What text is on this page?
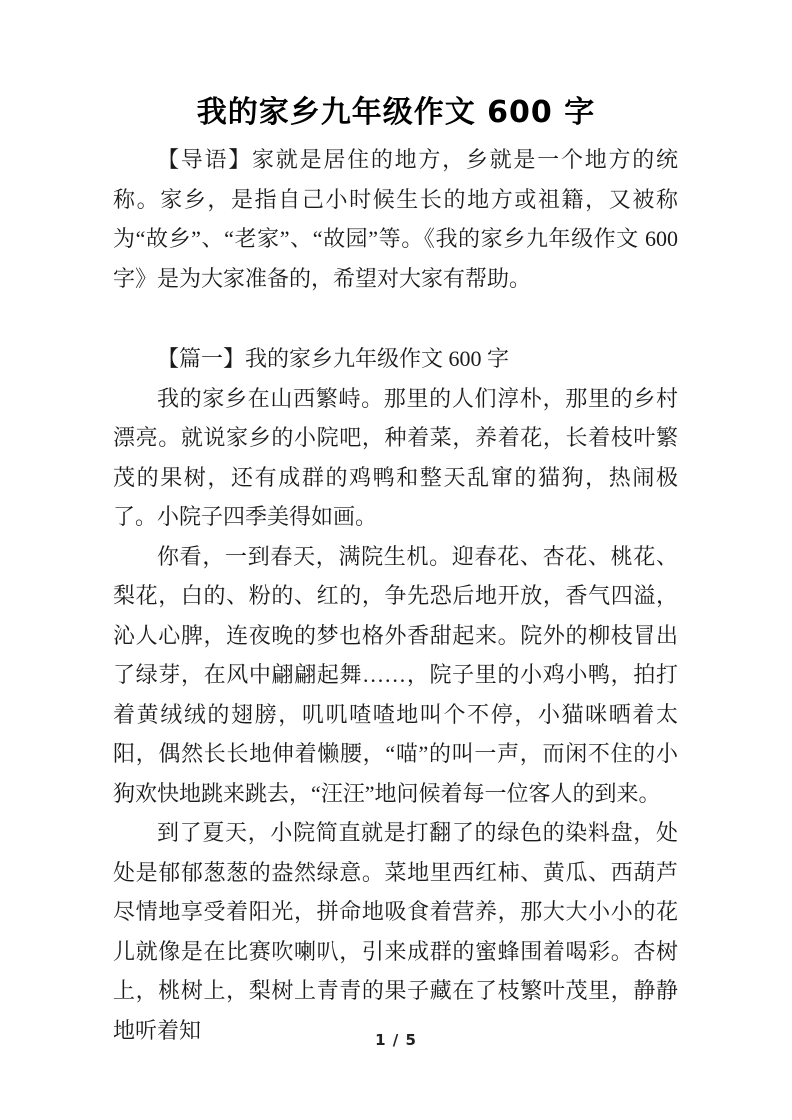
我的家乡九年级作文 600 字

【导语】家就是居住的地方，乡就是一个地方的统称。家乡，是指自己小时候生长的地方或祖籍，又被称为“故乡”、“老家”、“故园”等。《我的家乡九年级作文 600 字》是为大家准备的，希望对大家有帮助。

【篇一】我的家乡九年级作文 600 字

我的家乡在山西繁峙。那里的人们淳朴，那里的乡村漂亮。就说家乡的小院吧，种着菜，养着花，长着枝叶繁茂的果树，还有成群的鸡鸭和整天乱窜的猫狗，热闹极了。小院子四季美得如画。

你看，一到春天，满院生机。迎春花、杏花、桃花、梨花，白的、粉的、红的，争先恐后地开放，香气四溢，沁人心脾，连夜晚的梦也格外香甜起来。院外的柳枝冒出了绿芽，在风中翩翩起舞……，院子里的小鸡小鸭，拍打着黄绒绒的翅膀，叽叽喳喳地叫个不停，小猫咪晒着太阳，偶然长长地伸着懒腰，“喵”的叫一声，而闲不住的小狗欢快地跳来跳去，“汪汪”地问候着每一位客人的到来。

到了夏天，小院简直就是打翻了的绿色的染料盘，处处是郁郁葱葱的盎然绿意。菜地里西红柿、黄瓜、西葫芦尽情地享受着阳光，拼命地吸食着营养，那大大小小的花儿就像是在比赛吹喇叭，引来成群的蜜蜂围着喝彩。杏树上，桃树上，梨树上青青的果子藏在了枝繁叶茂里，静静地听着知	1 / 5
